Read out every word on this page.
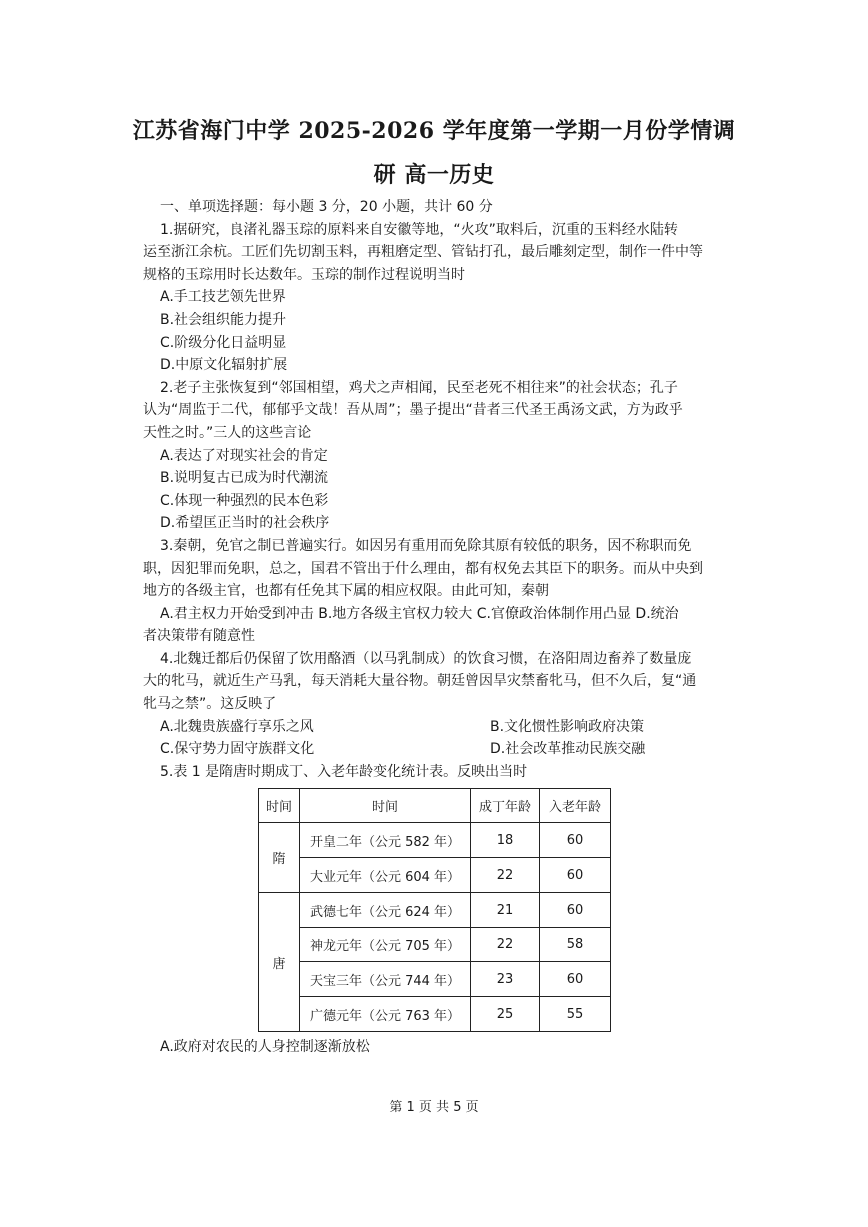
江苏省海门中学 2025-2026 学年度第一学期一月份学情调
研 高一历史
一、单项选择题：每小题 3 分，20 小题，共计 60 分
1.据研究，良渚礼器玉琮的原料来自安徽等地，“火攻”取料后，沉重的玉料经水陆转
运至浙江余杭。工匠们先切割玉料，再粗磨定型、管钻打孔，最后雕刻定型，制作一件中等
规格的玉琮用时长达数年。玉琮的制作过程说明当时
A.手工技艺领先世界
B.社会组织能力提升
C.阶级分化日益明显
D.中原文化辐射扩展
2.老子主张恢复到“邻国相望，鸡犬之声相闻，民至老死不相往来”的社会状态；孔子
认为“周监于二代，郁郁乎文哉！吾从周”；墨子提出“昔者三代圣王禹汤文武，方为政乎
天性之时。”三人的这些言论
A.表达了对现实社会的肯定
B.说明复古已成为时代潮流
C.体现一种强烈的民本色彩
D.希望匡正当时的社会秩序
3.秦朝，免官之制已普遍实行。如因另有重用而免除其原有较低的职务，因不称职而免
职，因犯罪而免职，总之，国君不管出于什么理由，都有权免去其臣下的职务。而从中央到
地方的各级主官，也都有任免其下属的相应权限。由此可知，秦朝
A.君主权力开始受到冲击 B.地方各级主官权力较大 C.官僚政治体制作用凸显 D.统治
者决策带有随意性
4.北魏迁都后仍保留了饮用酪酒（以马乳制成）的饮食习惯，在洛阳周边畜养了数量庞
大的牝马，就近生产马乳，每天消耗大量谷物。朝廷曾因旱灾禁畜牝马，但不久后，复“通
牝马之禁”。这反映了
A.北魏贵族盛行享乐之风	B.文化惯性影响政府决策
C.保守势力固守族群文化	D.社会改革推动民族交融
5.表 1 是隋唐时期成丁、入老年龄变化统计表。反映出当时
时间	时间	成丁年龄	入老年龄
隋	开皇二年（公元 582 年）	18	60
	大业元年（公元 604 年）	22	60
唐	武德七年（公元 624 年）	21	60
	神龙元年（公元 705 年）	22	58
	天宝三年（公元 744 年）	23	60
	广德元年（公元 763 年）	25	55
A.政府对农民的人身控制逐渐放松
第 1 页 共 5 页
